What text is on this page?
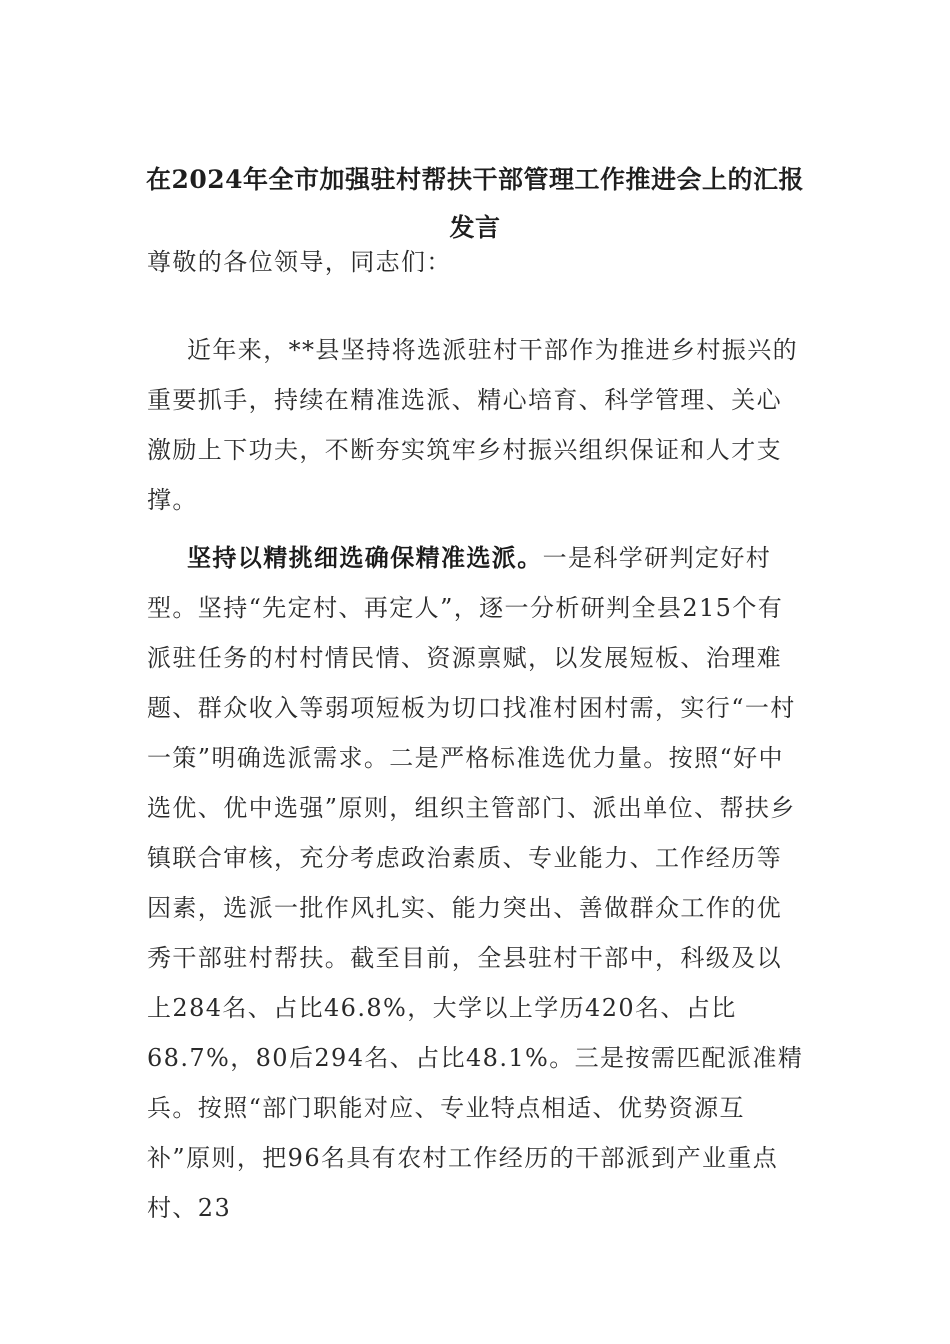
在2024年全市加强驻村帮扶干部管理工作推进会上的汇报
发言
尊敬的各位领导，同志们：

近年来，**县坚持将选派驻村干部作为推进乡村振兴的重要抓手，持续在精准选派、精心培育、科学管理、关心激励上下功夫，不断夯实筑牢乡村振兴组织保证和人才支撑。

坚持以精挑细选确保精准选派。一是科学研判定好村型。坚持“先定村、再定人”，逐一分析研判全县215个有派驻任务的村村情民情、资源禀赋，以发展短板、治理难题、群众收入等弱项短板为切口找准村困村需，实行“一村一策”明确选派需求。二是严格标准选优力量。按照“好中选优、优中选强”原则，组织主管部门、派出单位、帮扶乡镇联合审核，充分考虑政治素质、专业能力、工作经历等因素，选派一批作风扎实、能力突出、善做群众工作的优秀干部驻村帮扶。截至目前，全县驻村干部中，科级及以上284名、占比46.8%，大学以上学历420名、占比68.7%，80后294名、占比48.1%。三是按需匹配派准精兵。按照“部门职能对应、专业特点相适、优势资源互补”原则，把96名具有农村工作经历的干部派到产业重点村、23
